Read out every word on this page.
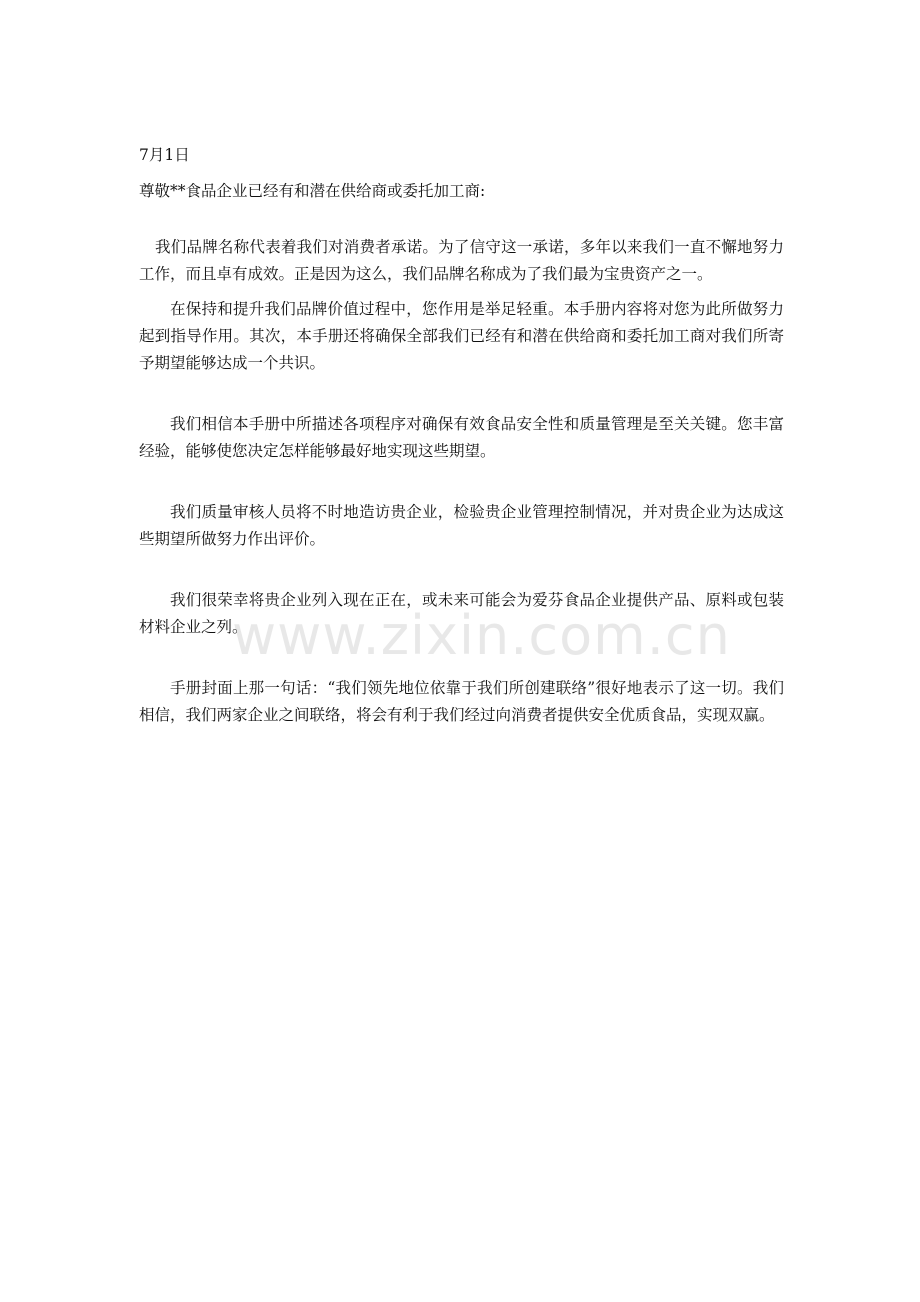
7月1日

尊敬**食品企业已经有和潜在供给商或委托加工商:

我们品牌名称代表着我们对消费者承诺。为了信守这一承诺，多年以来我们一直不懈地努力工作，而且卓有成效。正是因为这么，我们品牌名称成为了我们最为宝贵资产之一。

在保持和提升我们品牌价值过程中，您作用是举足轻重。本手册内容将对您为此所做努力起到指导作用。其次，本手册还将确保全部我们已经有和潜在供给商和委托加工商对我们所寄予期望能够达成一个共识。

我们相信本手册中所描述各项程序对确保有效食品安全性和质量管理是至关关键。您丰富经验，能够使您决定怎样能够最好地实现这些期望。

我们质量审核人员将不时地造访贵企业，检验贵企业管理控制情况，并对贵企业为达成这些期望所做努力作出评价。

我们很荣幸将贵企业列入现在正在，或未来可能会为爱芬食品企业提供产品、原料或包装材料企业之列。

手册封面上那一句话：“我们领先地位依靠于我们所创建联络”很好地表示了这一切。我们相信，我们两家企业之间联络，将会有利于我们经过向消费者提供安全优质食品，实现双赢。

www.zixin.com.cn
